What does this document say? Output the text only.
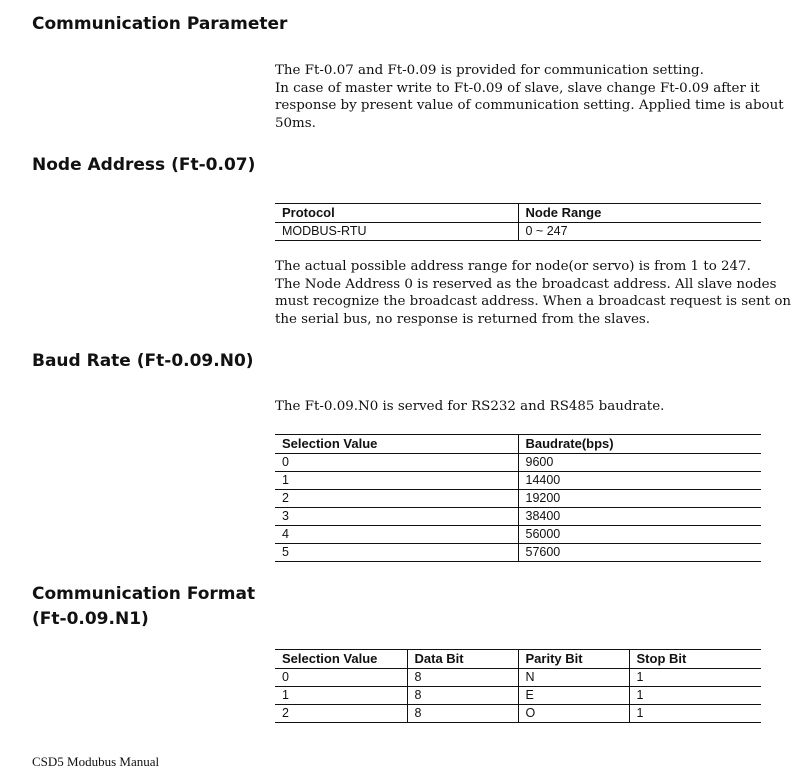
Communication Parameter
The Ft-0.07 and Ft-0.09 is provided for communication setting.
In case of master write to Ft-0.09 of slave, slave change Ft-0.09 after it
response by present value of communication setting. Applied time is about
50ms.
Node Address (Ft-0.07)
Protocol	Node Range
MODBUS-RTU	0 ~ 247
The actual possible address range for node(or servo) is from 1 to 247.
The Node Address 0 is reserved as the broadcast address. All slave nodes
must recognize the broadcast address. When a broadcast request is sent on
the serial bus, no response is returned from the slaves.
Baud Rate (Ft-0.09.N0)
The Ft-0.09.N0 is served for RS232 and RS485 baudrate.
Selection Value	Baudrate(bps)
0	9600
1	14400
2	19200
3	38400
4	56000
5	57600
Communication Format
(Ft-0.09.N1)
Selection Value	Data Bit	Parity Bit	Stop Bit
0	8	N	1
1	8	E	1
2	8	O	1
CSD5 Modubus Manual
